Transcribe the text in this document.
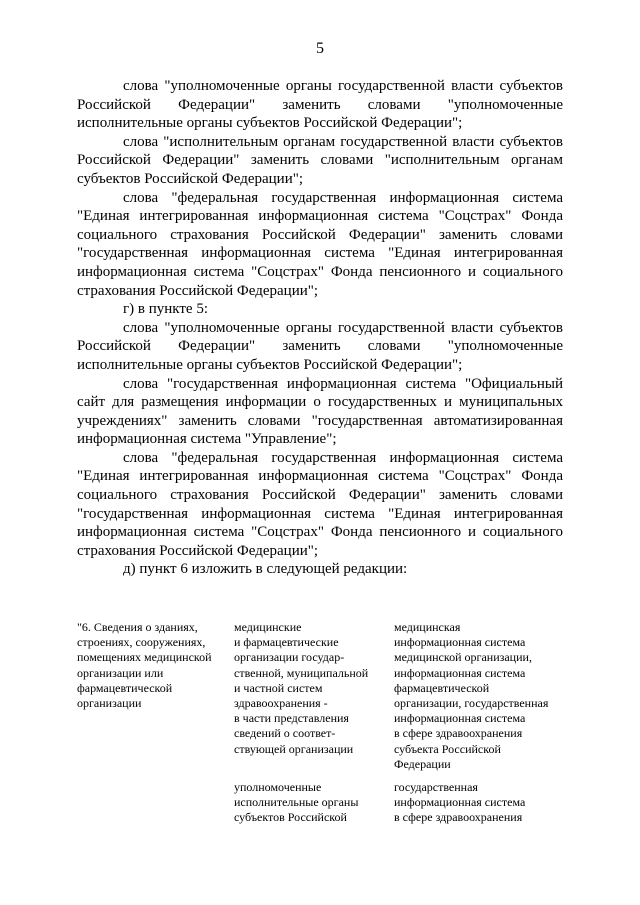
5

слова "уполномоченные органы государственной власти субъектов Российской Федерации" заменить словами "уполномоченные исполнительные органы субъектов Российской Федерации";

слова "исполнительным органам государственной власти субъектов Российской Федерации" заменить словами "исполнительным органам субъектов Российской Федерации";

слова "федеральная государственная информационная система "Единая интегрированная информационная система "Соцстрах" Фонда социального страхования Российской Федерации" заменить словами "государственная информационная система "Единая интегрированная информационная система "Соцстрах" Фонда пенсионного и социального страхования Российской Федерации";

г) в пункте 5:

слова "уполномоченные органы государственной власти субъектов Российской Федерации" заменить словами "уполномоченные исполнительные органы субъектов Российской Федерации";

слова "государственная информационная система "Официальный сайт для размещения информации о государственных и муниципальных учреждениях" заменить словами "государственная автоматизированная информационная система "Управление";

слова "федеральная государственная информационная система "Единая интегрированная информационная система "Соцстрах" Фонда социального страхования Российской Федерации" заменить словами "государственная информационная система "Единая интегрированная информационная система "Соцстрах" Фонда пенсионного и социального страхования Российской Федерации";

д) пункт 6 изложить в следующей редакции:

"6. Сведения о зданиях,
строениях, сооружениях,
помещениях медицинской
организации или
фармацевтической
организации
медицинские
и фармацевтические
организации государ-
ственной, муниципальной
и частной систем
здравоохранения -
в части представления
сведений о соответ-
ствующей организации
медицинская
информационная система
медицинской организации,
информационная система
фармацевтической
организации, государственная
информационная система
в сфере здравоохранения
субъекта Российской
Федерации
уполномоченные
исполнительные органы
субъектов Российской
государственная
информационная система
в сфере здравоохранения
